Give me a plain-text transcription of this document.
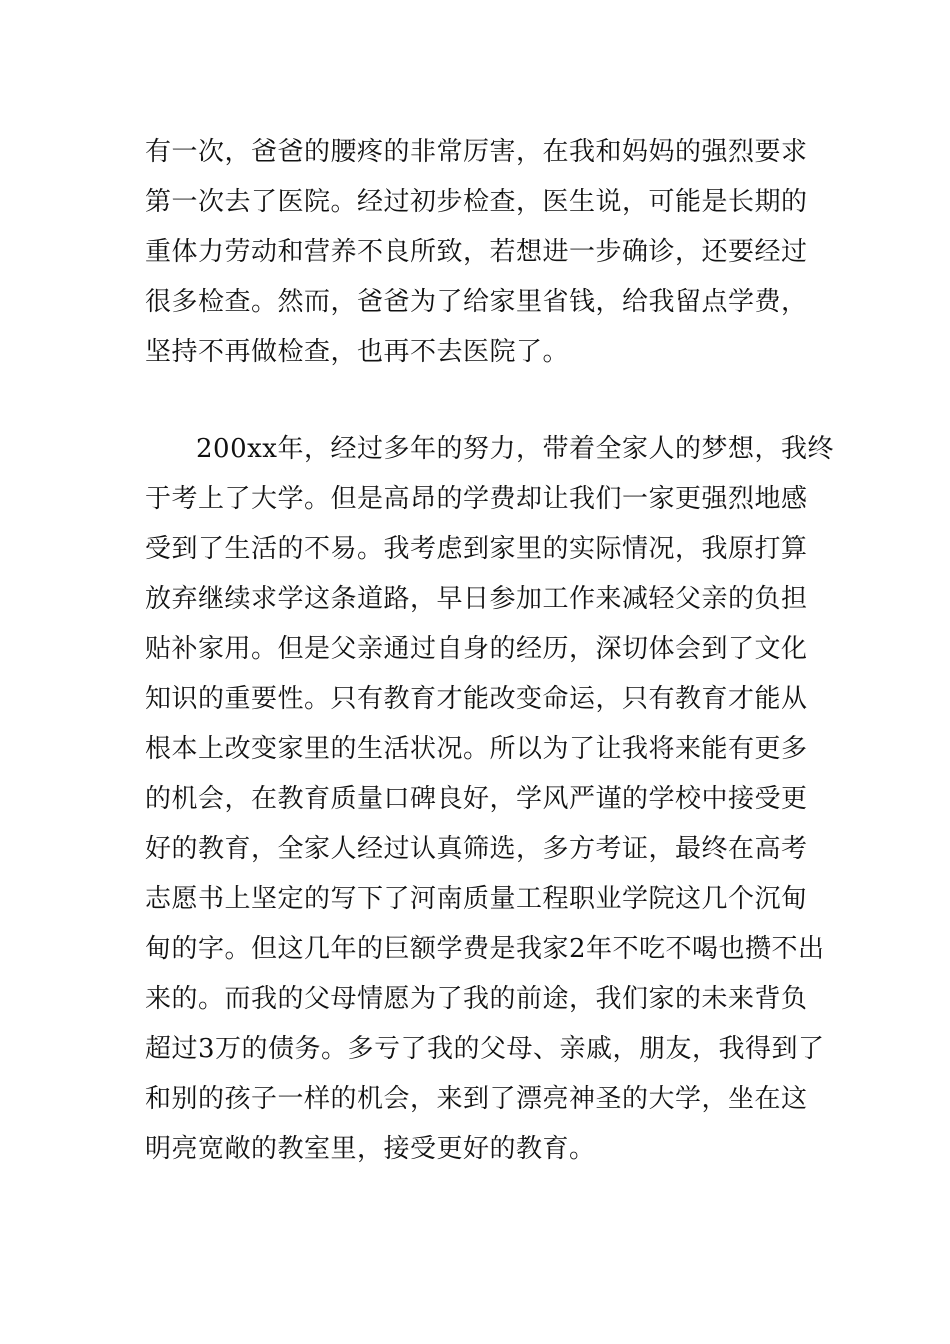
有一次，爸爸的腰疼的非常厉害，在我和妈妈的强烈要求
第一次去了医院。经过初步检查，医生说，可能是长期的
重体力劳动和营养不良所致，若想进一步确诊，还要经过
很多检查。然而，爸爸为了给家里省钱，给我留点学费，
坚持不再做检查，也再不去医院了。
200xx年，经过多年的努力，带着全家人的梦想，我终
于考上了大学。但是高昂的学费却让我们一家更强烈地感
受到了生活的不易。我考虑到家里的实际情况，我原打算
放弃继续求学这条道路，早日参加工作来减轻父亲的负担
贴补家用。但是父亲通过自身的经历，深切体会到了文化
知识的重要性。只有教育才能改变命运，只有教育才能从
根本上改变家里的生活状况。所以为了让我将来能有更多
的机会，在教育质量口碑良好，学风严谨的学校中接受更
好的教育，全家人经过认真筛选，多方考证，最终在高考
志愿书上坚定的写下了河南质量工程职业学院这几个沉甸
甸的字。但这几年的巨额学费是我家2年不吃不喝也攒不出
来的。而我的父母情愿为了我的前途，我们家的未来背负
超过3万的债务。多亏了我的父母、亲戚，朋友，我得到了
和别的孩子一样的机会，来到了漂亮神圣的大学，坐在这
明亮宽敞的教室里，接受更好的教育。
